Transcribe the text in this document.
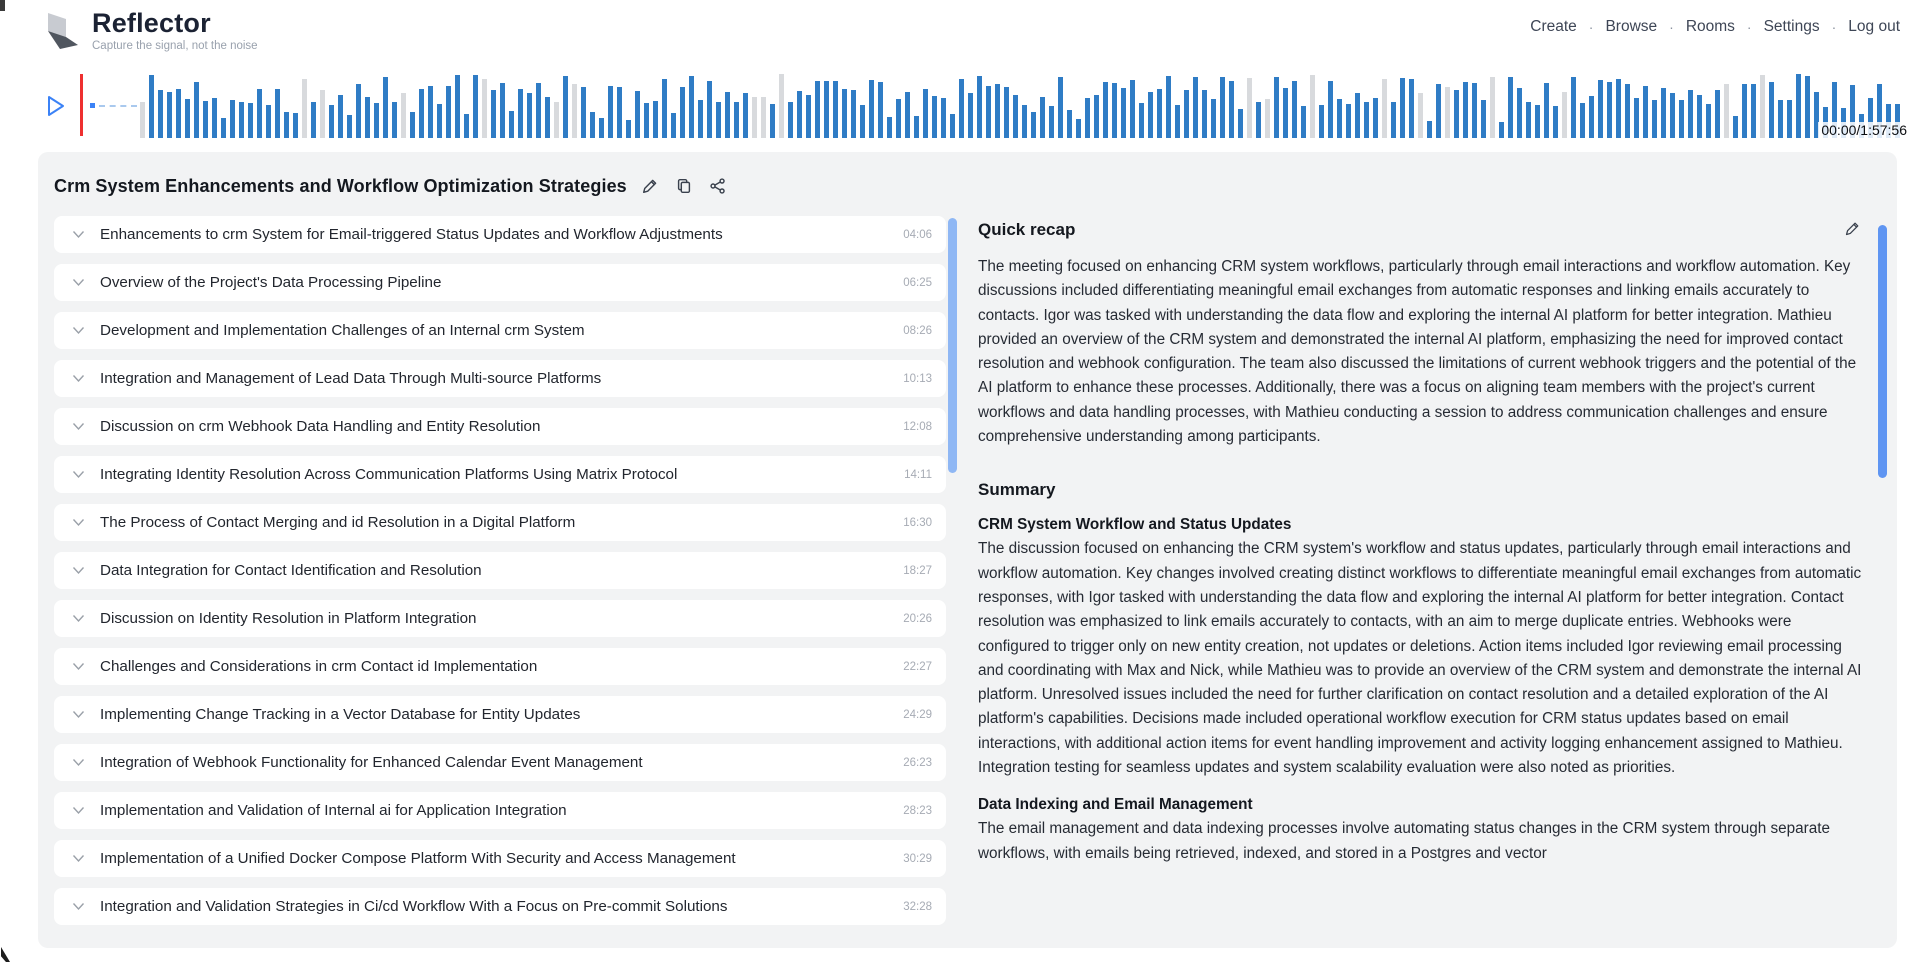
Reflector
Capture the signal, not the noise
Create · Browse · Rooms · Settings · Log out
00:00/1:57:56
Crm System Enhancements and Workflow Optimization Strategies
Enhancements to crm System for Email-triggered Status Updates and Workflow Adjustments	04:06
Overview of the Project's Data Processing Pipeline	06:25
Development and Implementation Challenges of an Internal crm System	08:26
Integration and Management of Lead Data Through Multi-source Platforms	10:13
Discussion on crm Webhook Data Handling and Entity Resolution	12:08
Integrating Identity Resolution Across Communication Platforms Using Matrix Protocol	14:11
The Process of Contact Merging and id Resolution in a Digital Platform	16:30
Data Integration for Contact Identification and Resolution	18:27
Discussion on Identity Resolution in Platform Integration	20:26
Challenges and Considerations in crm Contact id Implementation	22:27
Implementing Change Tracking in a Vector Database for Entity Updates	24:29
Integration of Webhook Functionality for Enhanced Calendar Event Management	26:23
Implementation and Validation of Internal ai for Application Integration	28:23
Implementation of a Unified Docker Compose Platform With Security and Access Management	30:29
Integration and Validation Strategies in Ci/cd Workflow With a Focus on Pre-commit Solutions	32:28
Quick recap
The meeting focused on enhancing CRM system workflows, particularly through email interactions and workflow automation. Key discussions included differentiating meaningful email exchanges from automatic responses and linking emails accurately to contacts. Igor was tasked with understanding the data flow and exploring the internal AI platform for better integration. Mathieu provided an overview of the CRM system and demonstrated the internal AI platform, emphasizing the need for improved contact resolution and webhook configuration. The team also discussed the limitations of current webhook triggers and the potential of the AI platform to enhance these processes. Additionally, there was a focus on aligning team members with the project's current workflows and data handling processes, with Mathieu conducting a session to address communication challenges and ensure comprehensive understanding among participants.
Summary
CRM System Workflow and Status Updates
The discussion focused on enhancing the CRM system's workflow and status updates, particularly through email interactions and workflow automation. Key changes involved creating distinct workflows to differentiate meaningful email exchanges from automatic responses, with Igor tasked with understanding the data flow and exploring the internal AI platform for better integration. Contact resolution was emphasized to link emails accurately to contacts, with an aim to merge duplicate entries. Webhooks were configured to trigger only on new entity creation, not updates or deletions. Action items included Igor reviewing email processing and coordinating with Max and Nick, while Mathieu was to provide an overview of the CRM system and demonstrate the internal AI platform. Unresolved issues included the need for further clarification on contact resolution and a detailed exploration of the AI platform's capabilities. Decisions made included operational workflow execution for CRM status updates based on email interactions, with additional action items for event handling improvement and activity logging enhancement assigned to Mathieu. Integration testing for seamless updates and system scalability evaluation were also noted as priorities.
Data Indexing and Email Management
The email management and data indexing processes involve automating status changes in the CRM system through separate workflows, with emails being retrieved, indexed, and stored in a Postgres and vector
